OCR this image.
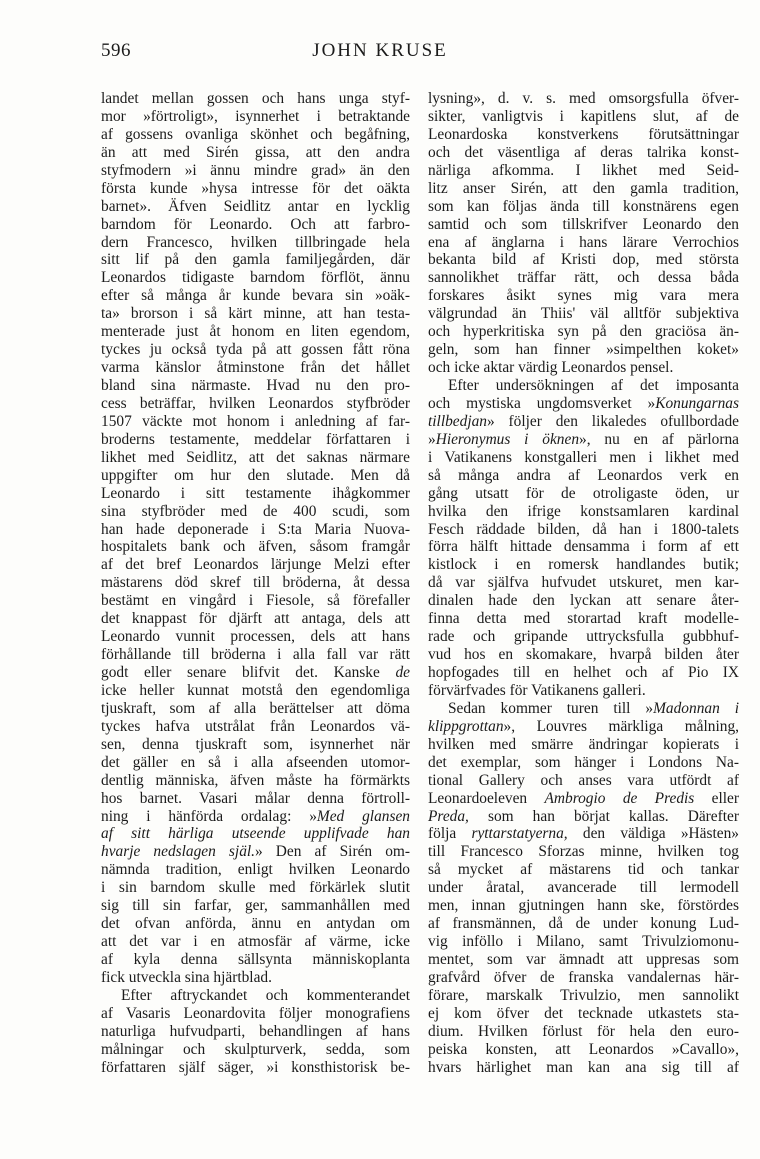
596	JOHN KRUSE
landet mellan gossen och hans unga styf-
mor »förtroligt», isynnerhet i betraktande
af gossens ovanliga skönhet och begåfning,
än att med Sirén gissa, att den andra
styfmodern »i ännu mindre grad» än den
första kunde »hysa intresse för det oäkta
barnet». Äfven Seidlitz antar en lycklig
barndom för Leonardo. Och att farbro-
dern Francesco, hvilken tillbringade hela
sitt lif på den gamla familjegården, där
Leonardos tidigaste barndom förflöt, ännu
efter så många år kunde bevara sin »oäk-
ta» brorson i så kärt minne, att han testa-
menterade just åt honom en liten egendom,
tyckes ju också tyda på att gossen fått röna
varma känslor åtminstone från det hållet
bland sina närmaste. Hvad nu den pro-
cess beträffar, hvilken Leonardos styfbröder
1507 väckte mot honom i anledning af far-
broderns testamente, meddelar författaren i
likhet med Seidlitz, att det saknas närmare
uppgifter om hur den slutade. Men då
Leonardo i sitt testamente ihågkommer
sina styfbröder med de 400 scudi, som
han hade deponerade i S:ta Maria Nuova-
hospitalets bank och äfven, såsom framgår
af det bref Leonardos lärjunge Melzi efter
mästarens död skref till bröderna, åt dessa
bestämt en vingård i Fiesole, så förefaller
det knappast för djärft att antaga, dels att
Leonardo vunnit processen, dels att hans
förhållande till bröderna i alla fall var rätt
godt eller senare blifvit det. Kanske de
icke heller kunnat motstå den egendomliga
tjuskraft, som af alla berättelser att döma
tyckes hafva utstrålat från Leonardos vä-
sen, denna tjuskraft som, isynnerhet när
det gäller en så i alla afseenden utomor-
dentlig människa, äfven måste ha förmärkts
hos barnet. Vasari målar denna förtroll-
ning i hänförda ordalag: »Med glansen
af sitt härliga utseende upplifvade han
hvarje nedslagen själ.» Den af Sirén om-
nämnda tradition, enligt hvilken Leonardo
i sin barndom skulle med förkärlek slutit
sig till sin farfar, ger, sammanhållen med
det ofvan anförda, ännu en antydan om
att det var i en atmosfär af värme, icke
af kyla denna sällsynta människoplanta
fick utveckla sina hjärtblad.
Efter aftryckandet och kommenterandet
af Vasaris Leonardovita följer monografiens
naturliga hufvudparti, behandlingen af hans
målningar och skulpturverk, sedda, som
författaren själf säger, »i konsthistorisk be-
lysning», d. v. s. med omsorgsfulla öfver-
sikter, vanligtvis i kapitlens slut, af de
Leonardoska konstverkens förutsättningar
och det väsentliga af deras talrika konst-
närliga afkomma. I likhet med Seid-
litz anser Sirén, att den gamla tradition,
som kan följas ända till konstnärens egen
samtid och som tillskrifver Leonardo den
ena af änglarna i hans lärare Verrochios
bekanta bild af Kristi dop, med största
sannolikhet träffar rätt, och dessa båda
forskares åsikt synes mig vara mera
välgrundad än Thiis' väl alltför subjektiva
och hyperkritiska syn på den graciösa än-
geln, som han finner »simpelthen koket»
och icke aktar värdig Leonardos pensel.
Efter undersökningen af det imposanta
och mystiska ungdomsverket »Konungarnas
tillbedjan» följer den likaledes ofullbordade
»Hieronymus i öknen», nu en af pärlorna
i Vatikanens konstgalleri men i likhet med
så många andra af Leonardos verk en
gång utsatt för de otroligaste öden, ur
hvilka den ifrige konstsamlaren kardinal
Fesch räddade bilden, då han i 1800-talets
förra hälft hittade densamma i form af ett
kistlock i en romersk handlandes butik;
då var själfva hufvudet utskuret, men kar-
dinalen hade den lyckan att senare åter-
finna detta med storartad kraft modelle-
rade och gripande uttrycksfulla gubbhuf-
vud hos en skomakare, hvarpå bilden åter
hopfogades till en helhet och af Pio IX
förvärfvades för Vatikanens galleri.
Sedan kommer turen till »Madonnan i
klippgrottan», Louvres märkliga målning,
hvilken med smärre ändringar kopierats i
det exemplar, som hänger i Londons Na-
tional Gallery och anses vara utfördt af
Leonardoeleven Ambrogio de Predis eller
Preda, som han börjat kallas. Därefter
följa ryttarstatyerna, den väldiga »Hästen»
till Francesco Sforzas minne, hvilken tog
så mycket af mästarens tid och tankar
under åratal, avancerade till lermodell
men, innan gjutningen hann ske, förstördes
af fransmännen, då de under konung Lud-
vig inföllo i Milano, samt Trivulziomonu-
mentet, som var ämnadt att uppresas som
grafvård öfver de franska vandalernas här-
förare, marskalk Trivulzio, men sannolikt
ej kom öfver det tecknade utkastets sta-
dium. Hvilken förlust för hela den euro-
peiska konsten, att Leonardos »Cavallo»,
hvars härlighet man kan ana sig till af
